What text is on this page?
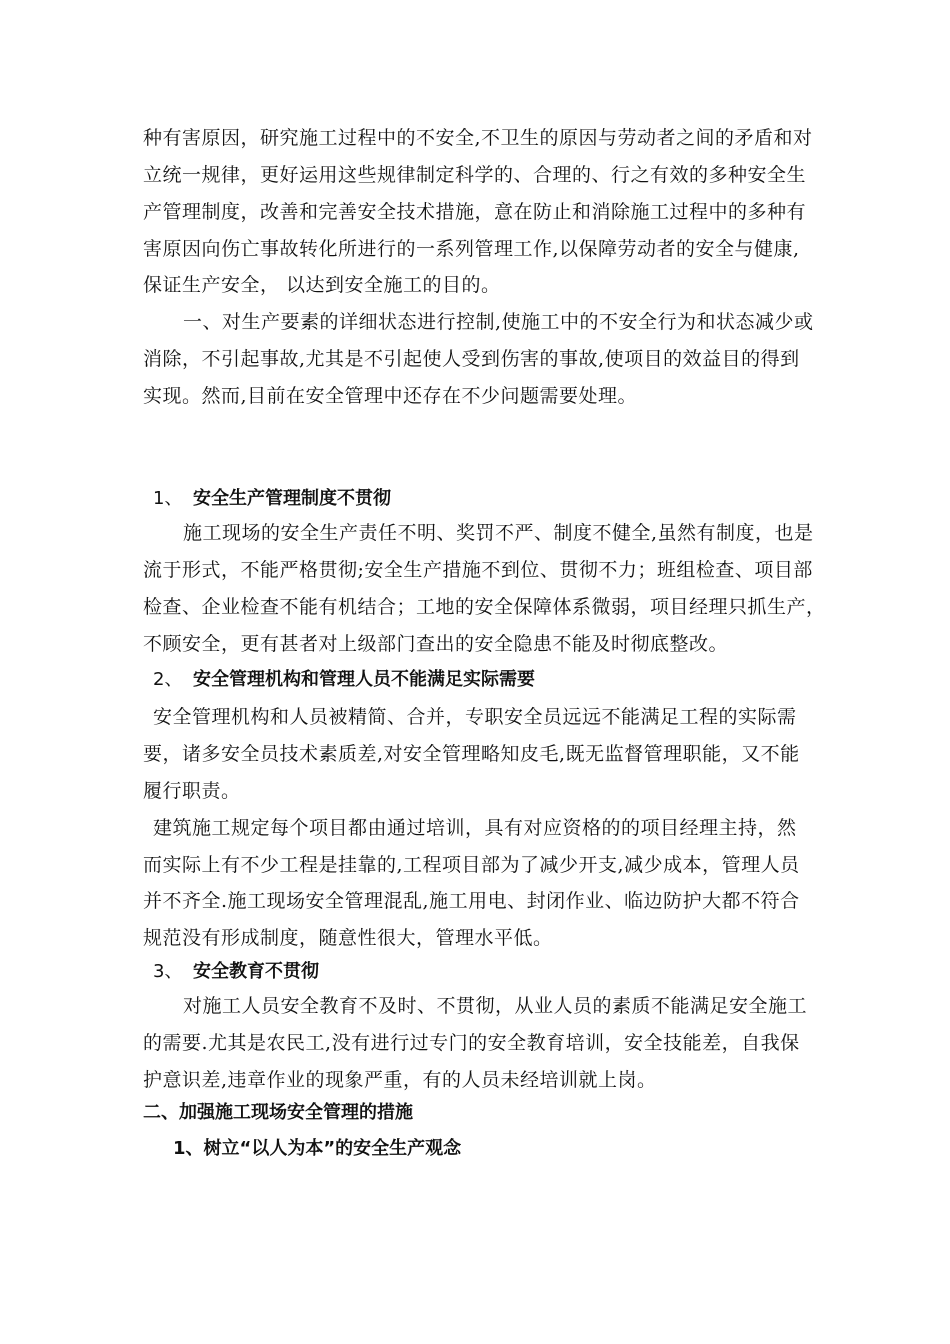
种有害原因，研究施工过程中的不安全,不卫生的原因与劳动者之间的矛盾和对
立统一规律，更好运用这些规律制定科学的、合理的、行之有效的多种安全生
产管理制度，改善和完善安全技术措施，意在防止和消除施工过程中的多种有
害原因向伤亡事故转化所进行的一系列管理工作,以保障劳动者的安全与健康,
保证生产安全， 以达到安全施工的目的。
一、对生产要素的详细状态进行控制,使施工中的不安全行为和状态减少或
消除，不引起事故,尤其是不引起使人受到伤害的事故,使项目的效益目的得到
实现。然而,目前在安全管理中还存在不少问题需要处理。
1、 安全生产管理制度不贯彻
施工现场的安全生产责任不明、奖罚不严、制度不健全,虽然有制度，也是
流于形式，不能严格贯彻;安全生产措施不到位、贯彻不力；班组检查、项目部
检查、企业检查不能有机结合；工地的安全保障体系微弱，项目经理只抓生产，
不顾安全，更有甚者对上级部门查出的安全隐患不能及时彻底整改。
2、 安全管理机构和管理人员不能满足实际需要
安全管理机构和人员被精简、合并，专职安全员远远不能满足工程的实际需
要，诸多安全员技术素质差,对安全管理略知皮毛,既无监督管理职能，又不能
履行职责。
建筑施工规定每个项目都由通过培训，具有对应资格的的项目经理主持，然
而实际上有不少工程是挂靠的,工程项目部为了减少开支,减少成本，管理人员
并不齐全.施工现场安全管理混乱,施工用电、封闭作业、临边防护大都不符合
规范没有形成制度，随意性很大，管理水平低。
3、 安全教育不贯彻
对施工人员安全教育不及时、不贯彻，从业人员的素质不能满足安全施工
的需要.尤其是农民工,没有进行过专门的安全教育培训，安全技能差，自我保
护意识差,违章作业的现象严重，有的人员未经培训就上岗。
二、加强施工现场安全管理的措施
1、树立“以人为本”的安全生产观念
